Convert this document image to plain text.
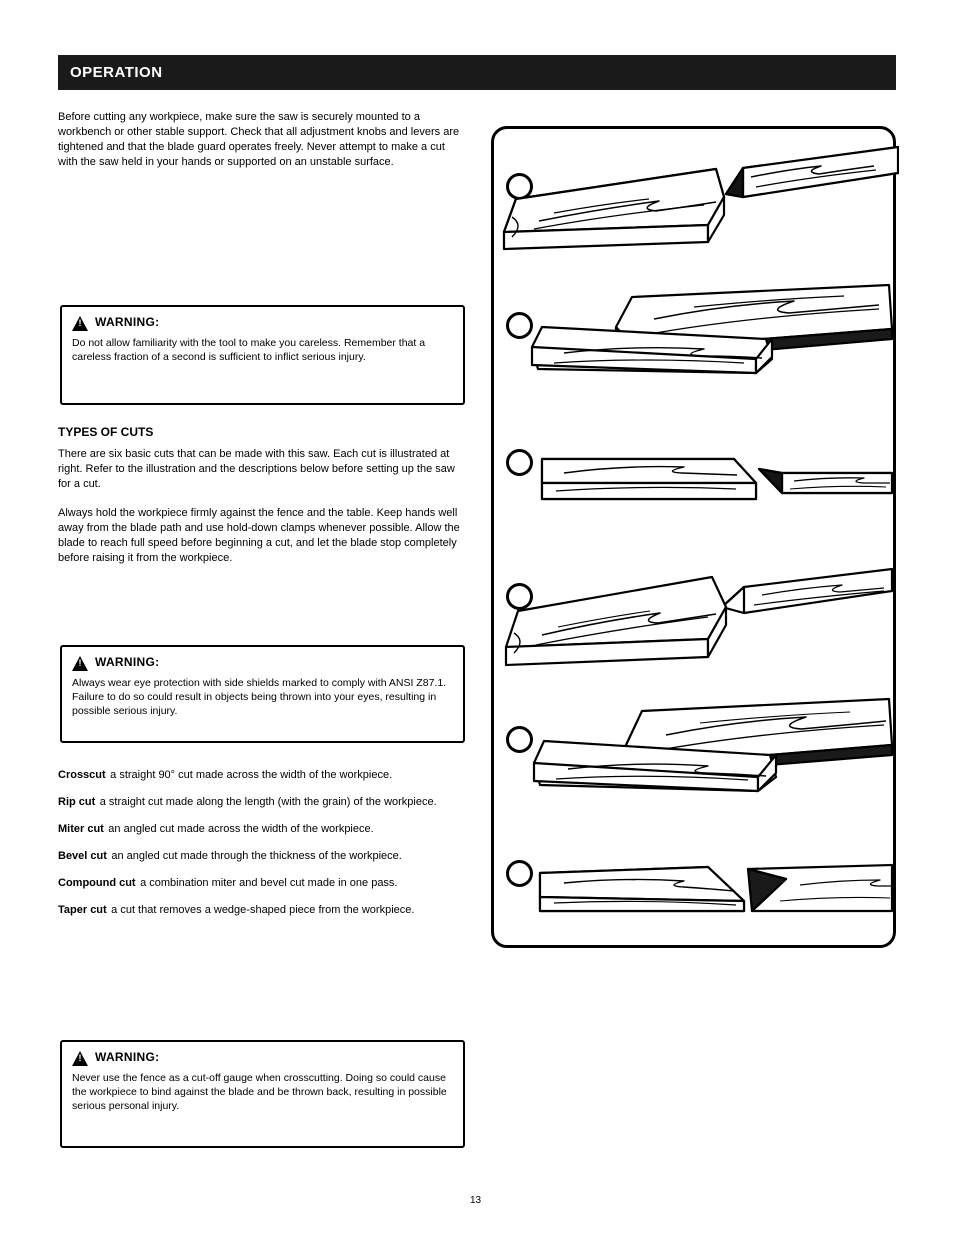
OPERATION

Before cutting any workpiece, make sure the saw is securely mounted to a workbench or other stable support. Check that all adjustment knobs and levers are tightened and that the blade guard operates freely. Never attempt to make a cut with the saw held in your hands or supported on an unstable surface.

!
WARNING:
Do not allow familiarity with the tool to make you careless. Remember that a careless fraction of a second is sufficient to inflict serious injury.
TYPES OF CUTS

There are six basic cuts that can be made with this saw. Each cut is illustrated at right. Refer to the illustration and the descriptions below before setting up the saw for a cut.

Always hold the workpiece firmly against the fence and the table. Keep hands well away from the blade path and use hold-down clamps whenever possible. Allow the blade to reach full speed before beginning a cut, and let the blade stop completely before raising it from the workpiece.

!
WARNING:
Always wear eye protection with side shields marked to comply with ANSI Z87.1. Failure to do so could result in objects being thrown into your eyes, resulting in possible serious injury.
Crosscut a straight 90° cut made across the width of the workpiece.
Rip cut a straight cut made along the length (with the grain) of the workpiece.
Miter cut an angled cut made across the width of the workpiece.
Bevel cut an angled cut made through the thickness of the workpiece.
Compound cut a combination miter and bevel cut made in one pass.
Taper cut a cut that removes a wedge-shaped piece from the workpiece.
!
WARNING:
Never use the fence as a cut-off gauge when crosscutting. Doing so could cause the workpiece to bind against the blade and be thrown back, resulting in possible serious personal injury.
13
